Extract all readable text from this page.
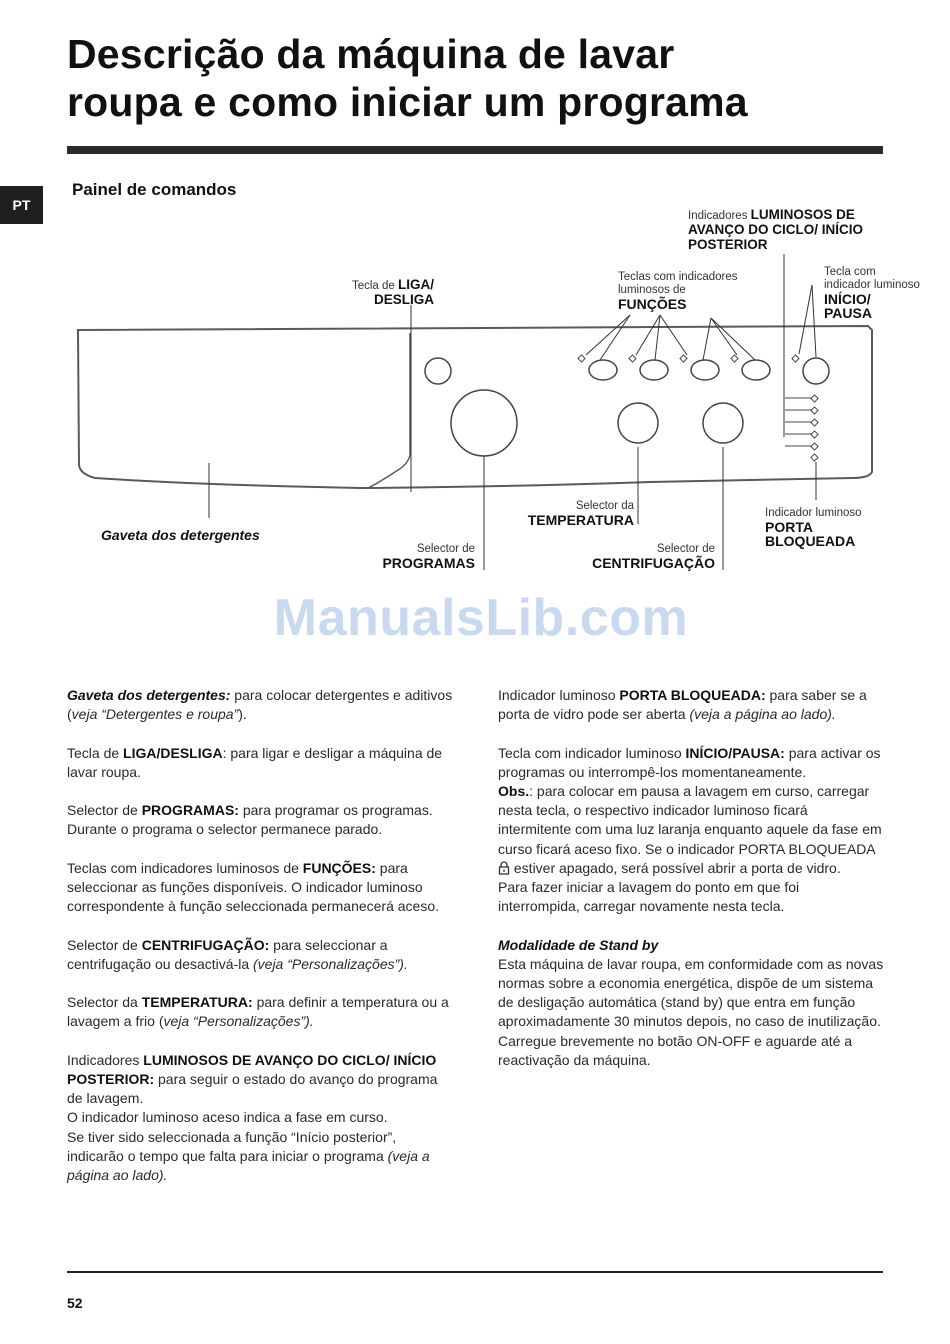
Descrição da máquina de lavar
roupa e como iniciar um programa
PT
Painel de comandos
Indicadores LUMINOSOS DE
AVANÇO DO CICLO/ INÍCIO
POSTERIOR
Tecla de LIGA/
DESLIGA
Teclas com indicadores
luminosos de
FUNÇÕES
Tecla com
indicador luminoso
INÍCIO/
PAUSA
Gaveta dos detergentes
Selector da
TEMPERATURA	Indicador luminoso
PORTA
BLOQUEADA
Selector de
PROGRAMAS
Selector de
CENTRIFUGAÇÃO
ManualsLib.com

Gaveta dos detergentes: para colocar detergentes e aditivos (veja “Detergentes e roupa”).

Tecla de LIGA/DESLIGA: para ligar e desligar a máquina de lavar roupa.

Selector de PROGRAMAS: para programar os programas. Durante o programa o selector permanece parado.

Teclas com indicadores luminosos de FUNÇÕES: para seleccionar as funções disponíveis. O indicador luminoso correspondente à função seleccionada permanecerá aceso.

Selector de CENTRIFUGAÇÃO: para seleccionar a centrifugação ou desactivá-la (veja “Personalizações”).

Selector da TEMPERATURA: para definir a temperatura ou a lavagem a frio (veja “Personalizações”).

Indicadores LUMINOSOS DE AVANÇO DO CICLO/ INÍCIO POSTERIOR: para seguir o estado do avanço do programa de lavagem.
O indicador luminoso aceso indica a fase em curso.
Se tiver sido seleccionada a função “Início posterior”, indicarão o tempo que falta para iniciar o programa (veja a página ao lado).

Indicador luminoso PORTA BLOQUEADA: para saber se a porta de vidro pode ser aberta (veja a página ao lado).

Tecla com indicador luminoso INÍCIO/PAUSA: para activar os programas ou interrompê-los momentaneamente.
Obs.: para colocar em pausa a lavagem em curso, carregar nesta tecla, o respectivo indicador luminoso ficará intermitente com uma luz laranja enquanto aquele da fase em curso ficará aceso fixo. Se o indicador PORTA BLOQUEADA  estiver apagado, será possível abrir a porta de vidro.
Para fazer iniciar a lavagem do ponto em que foi interrompida, carregar novamente nesta tecla.

Modalidade de Stand by
Esta máquina de lavar roupa, em conformidade com as novas normas sobre a economia energética, dispõe de um sistema de desligação automática (stand by) que entra em função aproximadamente 30 minutos depois, no caso de inutilização. Carregue brevemente no botão ON-OFF e aguarde até a reactivação da máquina.

52
